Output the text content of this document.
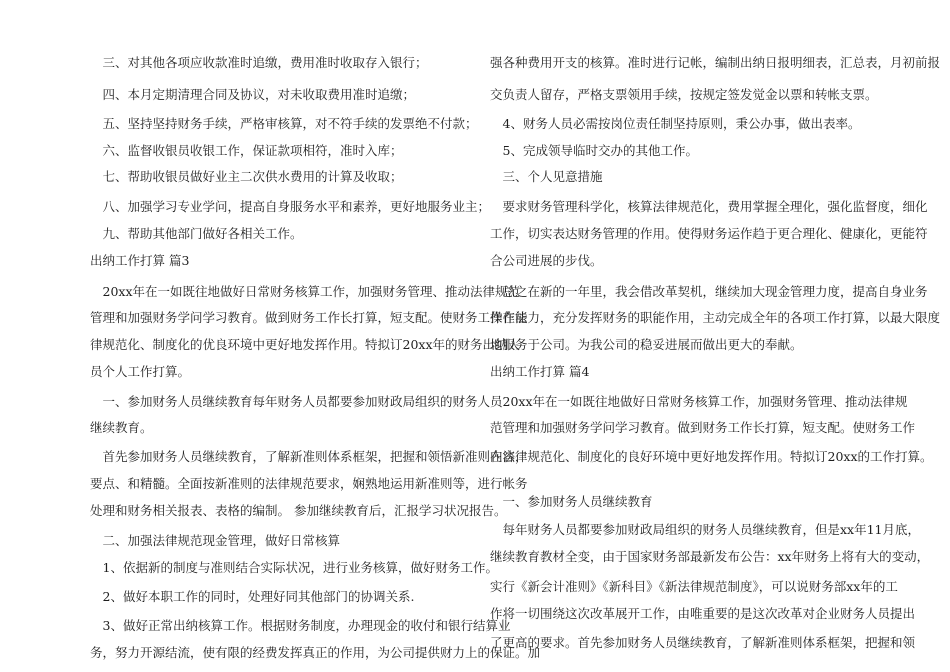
　三、对其他各项应收款准时追缴，费用准时收取存入银行；
　四、本月定期清理合同及协议，对未收取费用准时追缴；
　五、坚持坚持财务手续，严格审核算，对不符手续的发票绝不付款；
　六、监督收银员收银工作，保证款项相符，准时入库；
　七、帮助收银员做好业主二次供水费用的计算及收取；
　八、加强学习专业学问，提高自身服务水平和素养，更好地服务业主；
　九、帮助其他部门做好各相关工作。
出纳工作打算 篇3
　20xx年在一如既往地做好日常财务核算工作，加强财务管理、推动法律规范
管理和加强财务学问学习教育。做到财务工作长打算，短支配。使财务工作在法
律规范化、制度化的优良环境中更好地发挥作用。特拟订20xx年的财务出纳人
员个人工作打算。
　一、参加财务人员继续教育每年财务人员都要参加财政局组织的财务人员
继续教育。
　首先参加财务人员继续教育，了解新准则体系框架，把握和领悟新准则内容，
要点、和精髓。全面按新准则的法律规范要求，娴熟地运用新准则等，进行帐务
处理和财务相关报表、表格的编制。 参加继续教育后，汇报学习状况报告。
　二、加强法律规范现金管理，做好日常核算
　1、依据新的制度与准则结合实际状况，进行业务核算，做好财务工作。
　2、做好本职工作的同时，处理好同其他部门的协调关系.
　3、做好正常出纳核算工作。根据财务制度，办理现金的收付和银行结算业
务，努力开源结流，使有限的经费发挥真正的作用，为公司提供财力上的保证。加
强各种费用开支的核算。准时进行记帐，编制出纳日报明细表，汇总表，月初前报
交负责人留存，严格支票领用手续，按规定签发觉金以票和转帐支票。
　4、财务人员必需按岗位责任制坚持原则，秉公办事，做出表率。
　5、完成领导临时交办的其他工作。
　三、个人见意措施
　要求财务管理科学化，核算法律规范化，费用掌握全理化，强化监督度，细化
工作，切实表达财务管理的作用。使得财务运作趋于更合理化、健康化，更能符
合公司进展的步伐。
　总之在新的一年里，我会借改革契机，继续加大现金管理力度，提高自身业务
操作能力，充分发挥财务的职能作用，主动完成全年的各项工作打算，以最大限度
地服务于公司。为我公司的稳妥进展而做出更大的奉献。
出纳工作打算 篇4
　20xx年在一如既往地做好日常财务核算工作，加强财务管理、推动法律规
范管理和加强财务学问学习教育。做到财务工作长打算，短支配。使财务工作
在法律规范化、制度化的良好环境中更好地发挥作用。特拟订20xx的工作打算。
　一、参加财务人员继续教育
　每年财务人员都要参加财政局组织的财务人员继续教育，但是xx年11月底，
继续教育教材全变，由于国家财务部最新发布公告：xx年财务上将有大的变动，
实行《新会计准则》《新科目》《新法律规范制度》，可以说财务部xx年的工
作将一切围绕这次改革展开工作，由唯重要的是这次改革对企业财务人员提出
了更高的要求。首先参加财务人员继续教育，了解新准则体系框架，把握和领
